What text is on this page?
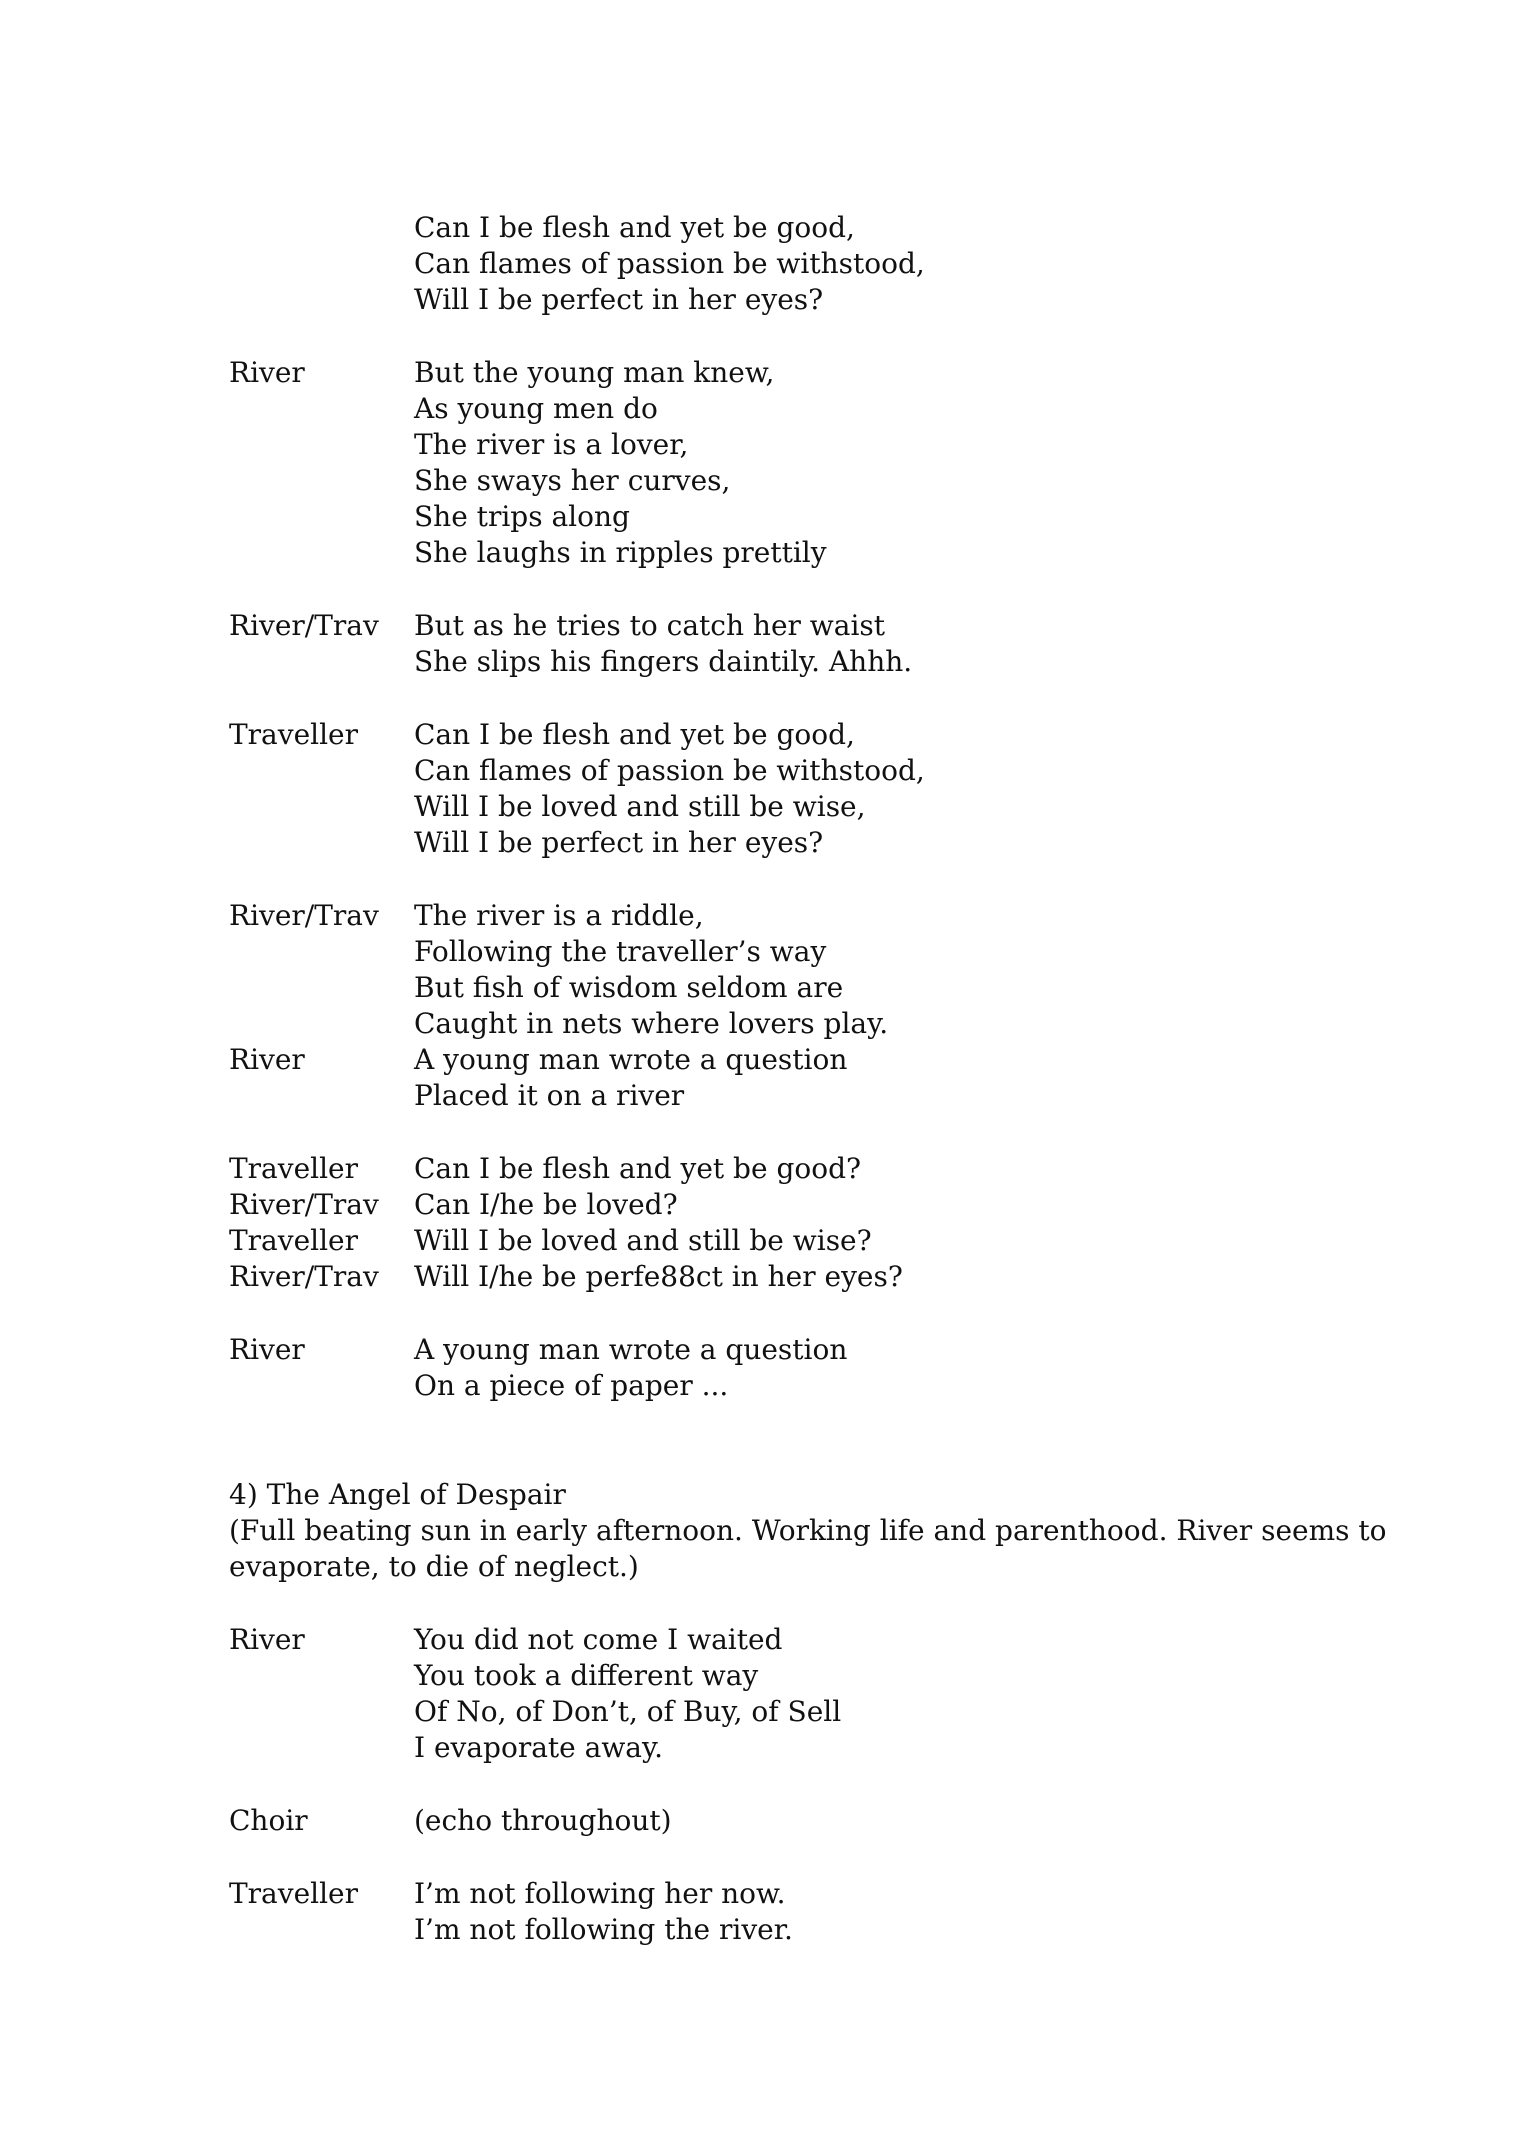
Can I be flesh and yet be good,
Can flames of passion be withstood,
Will I be perfect in her eyes?
River	But the young man knew,
As young men do
The river is a lover,
She sways her curves,
She trips along
She laughs in ripples prettily
River/Trav But as he tries to catch her waist
She slips his fingers daintily. Ahhh.
Traveller Can I be flesh and yet be good,
Can flames of passion be withstood,
Will I be loved and still be wise,
Will I be perfect in her eyes?
River/Trav The river is a riddle,
Following the traveller’s way
But fish of wisdom seldom are
Caught in nets where lovers play.
River	A young man wrote a question
Placed it on a river
Traveller Can I be flesh and yet be good?
River/Trav Can I/he be loved?
Traveller Will I be loved and still be wise?
River/Trav Will I/he be perfe88ct in her eyes?
River	A young man wrote a question
On a piece of paper ...
4) The Angel of Despair
(Full beating sun in early afternoon. Working life and parenthood. River seems to
evaporate, to die of neglect.)
River	You did not come I waited
You took a different way
Of No, of Don’t, of Buy, of Sell
I evaporate away.
Choir	(echo throughout)
Traveller I’m not following her now.
I’m not following the river.
